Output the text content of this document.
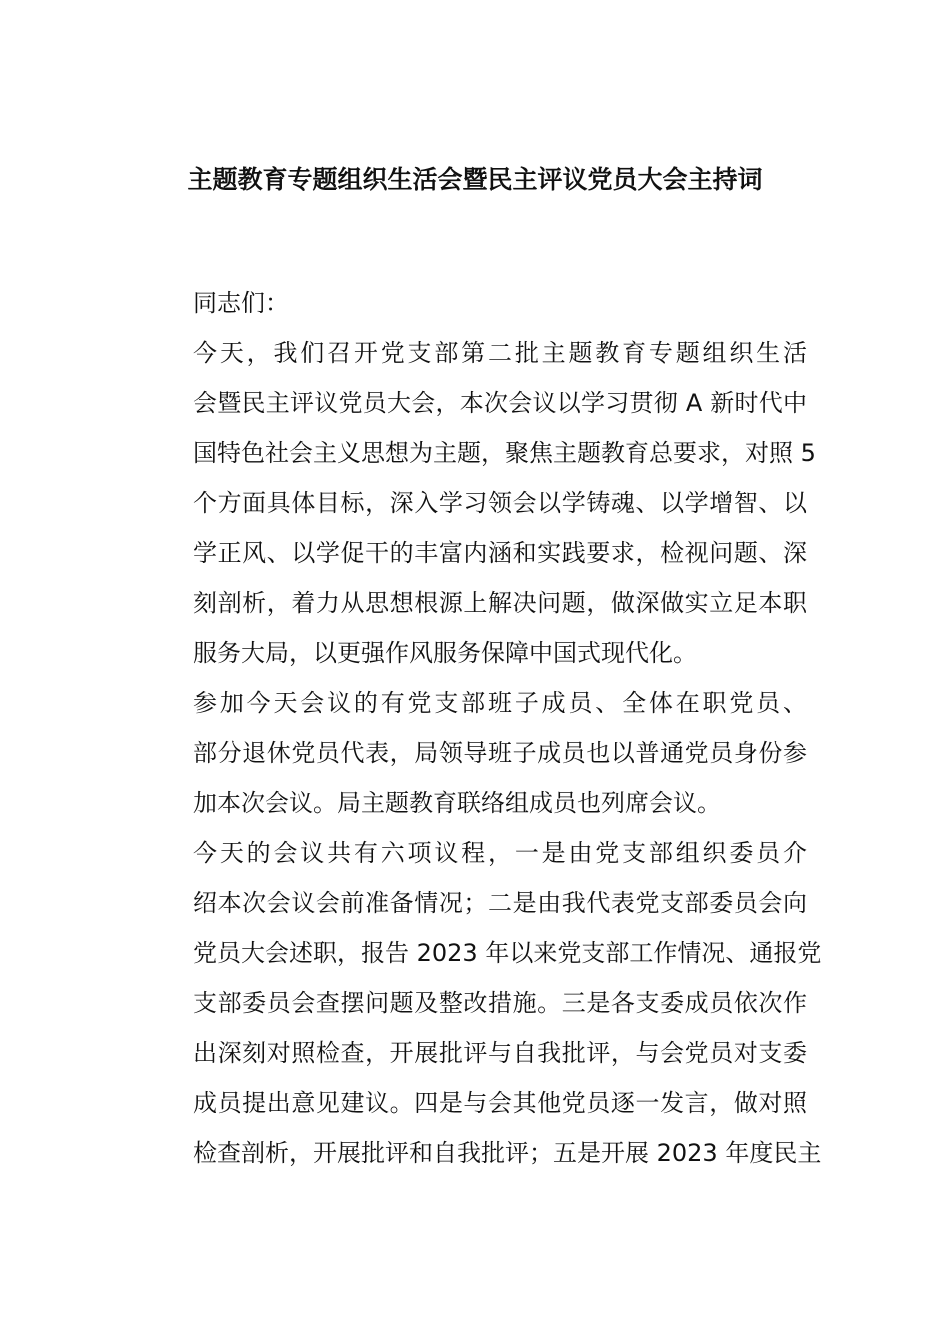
主题教育专题组织生活会暨民主评议党员大会主持词

同志们：

今天，我们召开党支部第二批主题教育专题组织生活
会暨民主评议党员大会，本次会议以学习贯彻 A 新时代中
国特色社会主义思想为主题，聚焦主题教育总要求，对照 5
个方面具体目标，深入学习领会以学铸魂、以学增智、以
学正风、以学促干的丰富内涵和实践要求，检视问题、深
刻剖析，着力从思想根源上解决问题，做深做实立足本职
服务大局，以更强作风服务保障中国式现代化。

参加今天会议的有党支部班子成员、全体在职党员、
部分退休党员代表，局领导班子成员也以普通党员身份参
加本次会议。局主题教育联络组成员也列席会议。

今天的会议共有六项议程，一是由党支部组织委员介
绍本次会议会前准备情况；二是由我代表党支部委员会向
党员大会述职，报告 2023 年以来党支部工作情况、通报党
支部委员会查摆问题及整改措施。三是各支委成员依次作
出深刻对照检查，开展批评与自我批评，与会党员对支委
成员提出意见建议。四是与会其他党员逐一发言，做对照
检查剖析，开展批评和自我批评；五是开展 2023 年度民主
